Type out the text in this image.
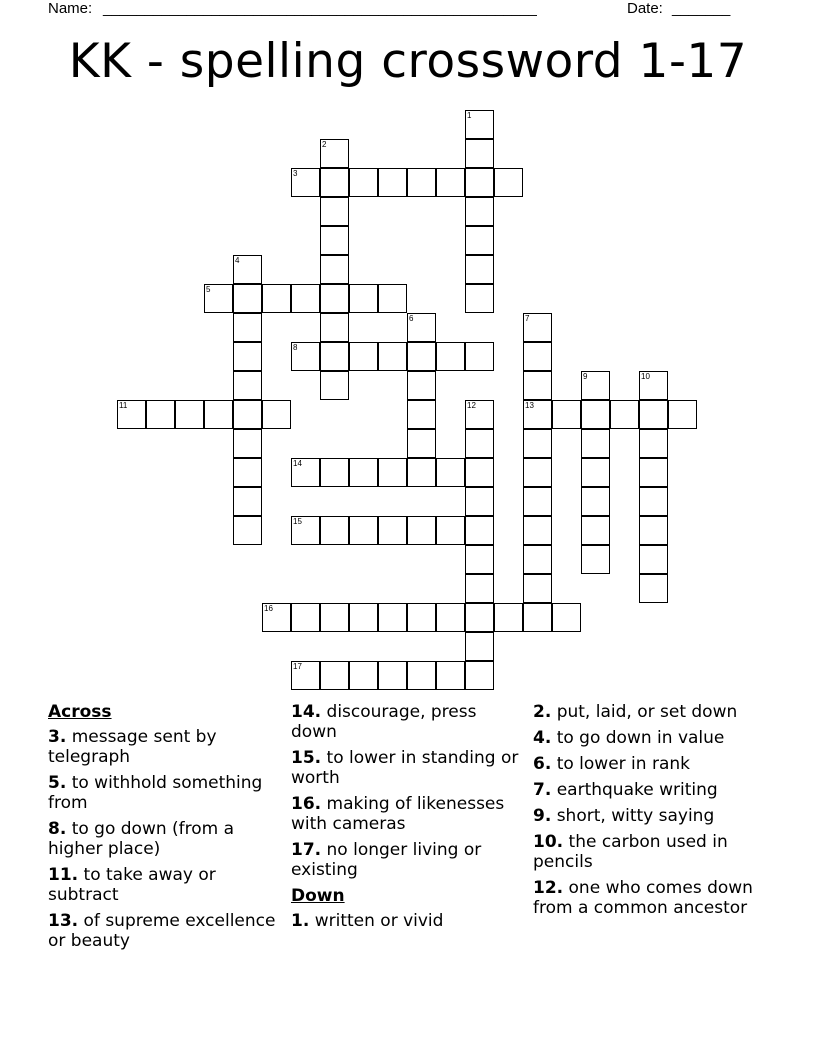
Name: ____________________________________________________	Date: _______
KK - spelling crossword 1-17
1
2
3
4
5
6	7
13
8
9	10
11	12
14
15
16
17
Across
3. message sent by telegraph
5. to withhold something from
8. to go down (from a higher place)
11. to take away or subtract
13. of supreme excellence or beauty
14. discourage, press down
15. to lower in standing or worth
16. making of likenesses with cameras
17. no longer living or existing
Down
1. written or vivid
2. put, laid, or set down
4. to go down in value
6. to lower in rank
7. earthquake writing
9. short, witty saying
10. the carbon used in pencils
12. one who comes down from a common ancestor
